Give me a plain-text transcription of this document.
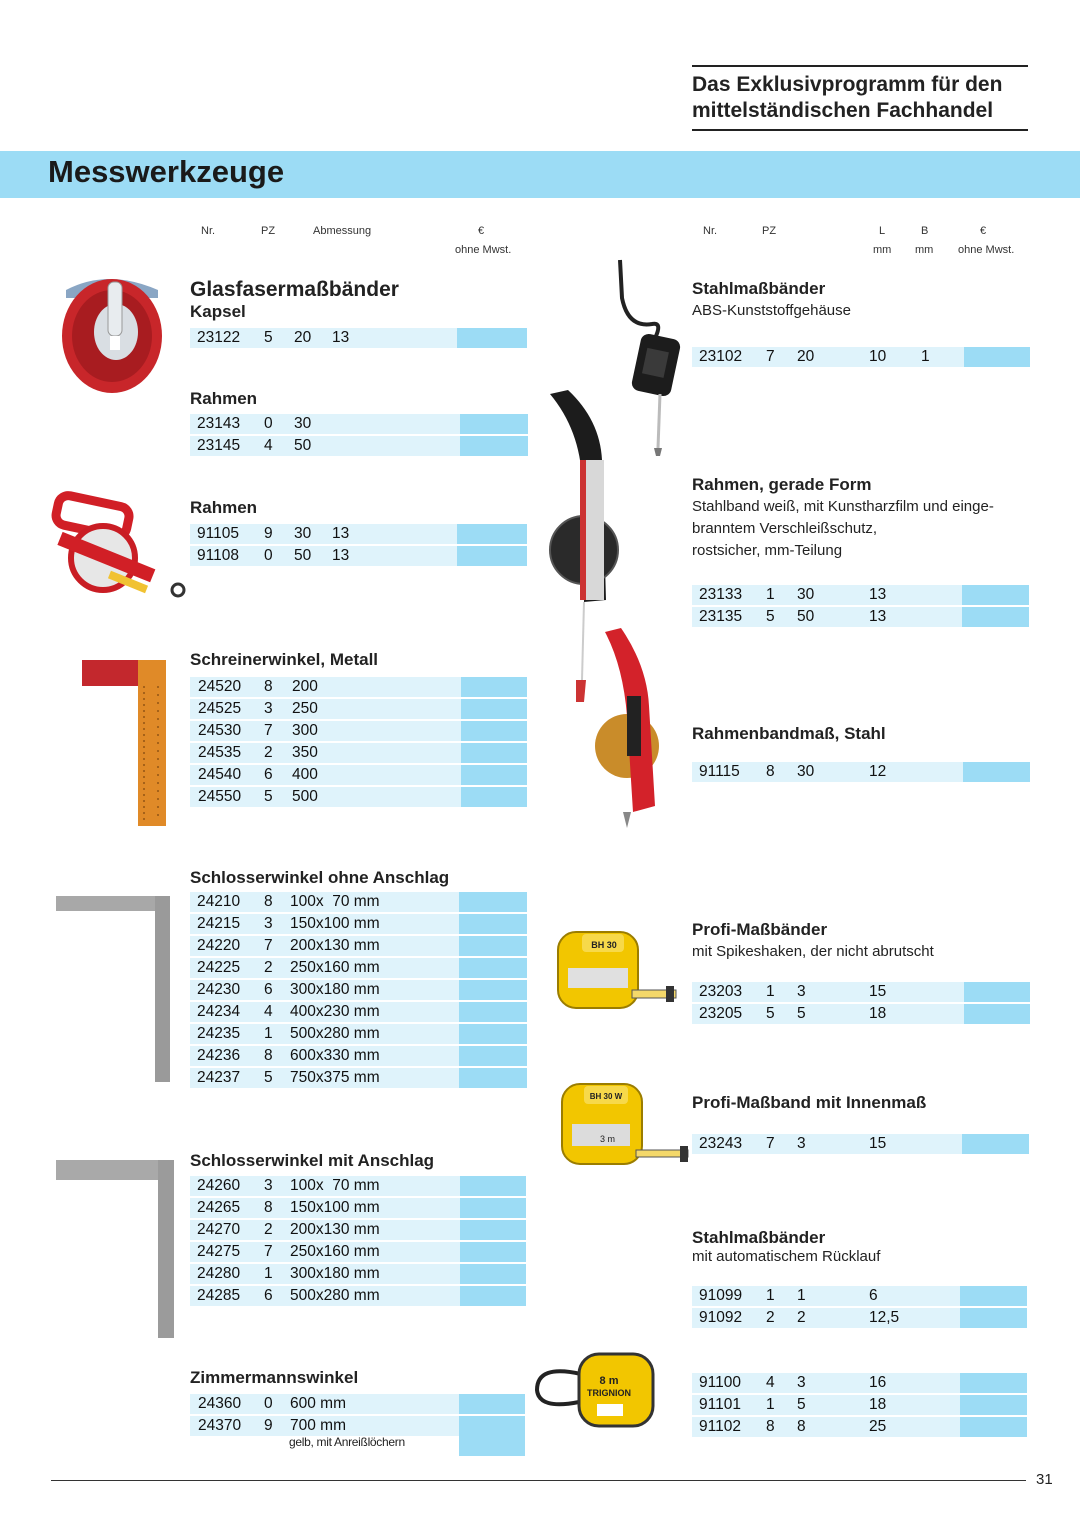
Das Exklusivprogramm für den
mittelständischen Fachhandel
Messwerkzeuge
Nr.	PZ	Abmessung	€
ohne Mwst.
Nr.	PZ	L	B	€
mm mm ohne Mwst.
Glasfasermaßbänder
Kapsel
23122 5 20 13
Rahmen
23143 0 30
23145 4 50
Rahmen
91105 9 30 13
91108 0 50 13
Schreinerwinkel, Metall
Schlosserwinkel ohne Anschlag
Schlosserwinkel mit Anschlag
Zimmermannswinkel
Stahlmaßbänder
ABS-Kunststoffgehäuse
Rahmen, gerade Form
Stahlband weiß, mit Kunstharzfilm und einge-
branntem Verschleißschutz,
rostsicher, mm-Teilung
Rahmenbandmaß, Stahl
Profi-Maßbänder
mit Spikeshaken, der nicht abrutscht
Profi-Maßband mit Innenmaß
Stahlmaßbänder
mit automatischem Rücklauf
24520 8 200
24525 3 250
24530 7 300
24535 2 350
24540 6 400
24550 5 500
24210 8 100x  70 mm
24215 3 150x100 mm
24220 7 200x130 mm
24225 2 250x160 mm
24230 6 300x180 mm
24234 4 400x230 mm
24235 1 500x280 mm
24236 8 600x330 mm
24237 5 750x375 mm
24260 3 100x  70 mm
24265 8 150x100 mm
24270 2 200x130 mm
24275 7 250x160 mm
24280 1 300x180 mm
24285 6 500x280 mm
24360 0 600 mm
24370 9 700 mm
gelb, mit Anreißlöchern
23102 7 20	10 1
23133 1 30	13
23135 5 50	13
91115 8 30	12
23203 1 3	15
23205 5 5	18
23243 7 3	15
91099 1 1	6
91092 2 2	12,5
91100 4 3	16
91101 1 5	18
91102 8 8	25
BH 30
BH 30 W
3 m
8 m
TRIGNION
31
